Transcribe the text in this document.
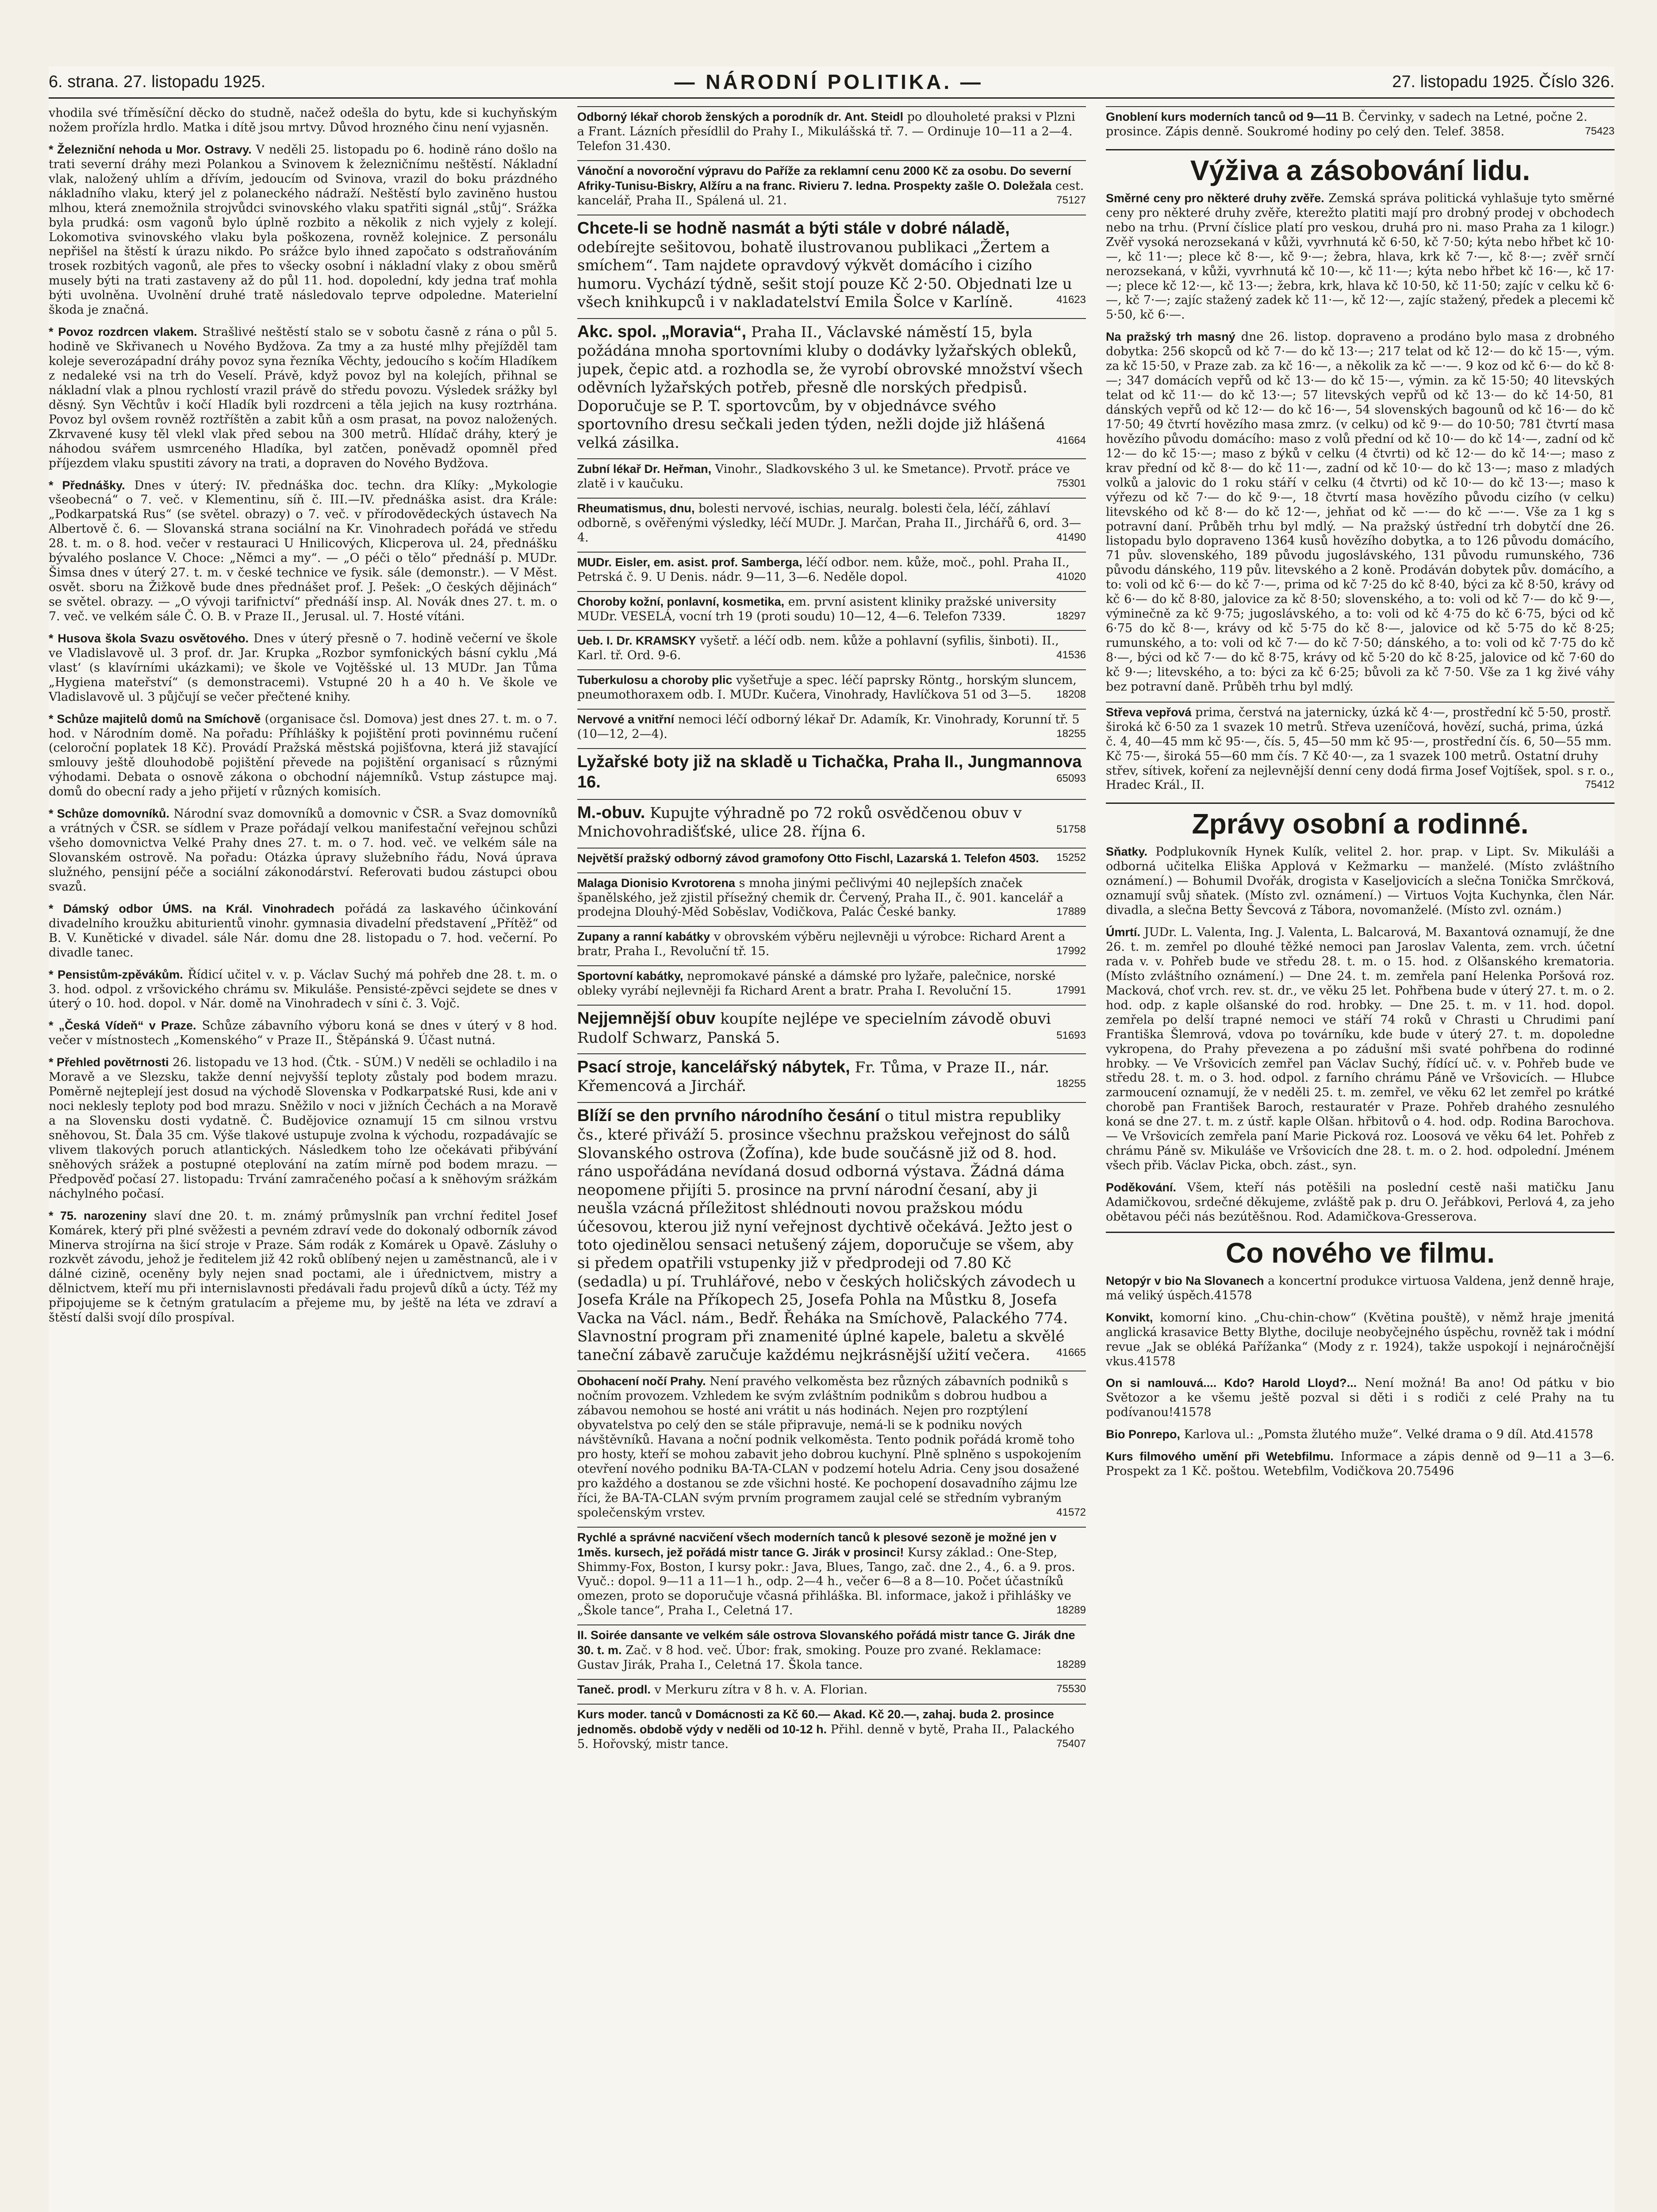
6. strana. 27. listopadu 1925.	— NÁRODNÍ POLITIKA. —	27. listopadu 1925. Číslo 326.
vhodila své tříměsíční děcko do studně, načež odešla do bytu, kde si kuchyňským nožem prořízla hrdlo. Matka i dítě jsou mrtvy. Důvod hrozného činu není vyjasněn.
* Železniční nehoda u Mor. Ostravy. V neděli 25. listopadu po 6. hodině ráno došlo na trati severní dráhy mezi Polankou a Svinovem k železničnímu neštěstí. Nákladní vlak, naložený uhlím a dřívím, jedoucím od Svinova, vrazil do boku prázdného nákladního vlaku, který jel z polaneckého nádraží. Neštěstí bylo zaviněno hustou mlhou, která znemožnila strojvůdci svinovského vlaku spatřiti signál „stůj“. Srážka byla prudká: osm vagonů bylo úplně rozbito a několik z nich vyjely z kolejí. Lokomotiva svinovského vlaku byla poškozena, rovněž kolejnice. Z personálu nepřišel na štěstí k úrazu nikdo. Po srážce bylo ihned započato s odstraňováním trosek rozbitých vagonů, ale přes to všecky osobní i nákladní vlaky z obou směrů musely býti na trati zastaveny až do půl 11. hod. dopolední, kdy jedna trať mohla býti uvolněna. Uvolnění druhé tratě následovalo teprve odpoledne. Materielní škoda je značná.
* Povoz rozdrcen vlakem. Strašlivé neštěstí stalo se v sobotu časně z rána o půl 5. hodině ve Skřivanech u Nového Bydžova. Za tmy a za husté mlhy přejížděl tam koleje severozápadní dráhy povoz syna řezníka Věchty, jedoucího s kočím Hladíkem z nedaleké vsi na trh do Veselí. Právě, když povoz byl na kolejích, přihnal se nákladní vlak a plnou rychlostí vrazil právě do středu povozu. Výsledek srážky byl děsný. Syn Věchtův i kočí Hladík byli rozdrceni a těla jejich na kusy roztrhána. Povoz byl ovšem rovněž roztříštěn a zabit kůň a osm prasat, na povoz naložených. Zkrvavené kusy těl vlekl vlak před sebou na 300 metrů. Hlídač dráhy, který je náhodou svářem usmrceného Hladíka, byl zatčen, poněvadž opomněl před příjezdem vlaku spustiti závory na trati, a dopraven do Nového Bydžova.
* Přednášky. Dnes v úterý: IV. přednáška doc. techn. dra Klíky: „Mykologie všeobecná“ o 7. več. v Klementinu, síň č. III.—IV. přednáška asist. dra Krále: „Podkarpatská Rus“ (se světel. obrazy) o 7. več. v přírodovědeckých ústavech Na Albertově č. 6. — Slovanská strana sociální na Kr. Vinohradech pořádá ve středu 28. t. m. o 8. hod. večer v restauraci U Hnilicových, Klicperova ul. 24, přednášku bývalého poslance V. Choce: „Němci a my“. — „O péči o tělo“ přednáší p. MUDr. Šimsa dnes v úterý 27. t. m. v české technice ve fysik. sále (demonstr.). — V Měst. osvět. sboru na Žižkově bude dnes přednášet prof. J. Pešek: „O českých dějinách“ se světel. obrazy. — „O vývoji tarifnictví“ přednáší insp. Al. Novák dnes 27. t. m. o 7. več. ve velkém sále Č. O. B. v Praze II., Jerusal. ul. 7. Hosté vítáni.
* Husova škola Svazu osvětového. Dnes v úterý přesně o 7. hodině večerní ve škole ve Vladislavově ul. 3 prof. dr. Jar. Krupka „Rozbor symfonických básní cyklu ‚Má vlast‘ (s klavírními ukázkami); ve škole ve Vojtěšské ul. 13 MUDr. Jan Tůma „Hygiena mateřství“ (s demonstracemi). Vstupné 20 h a 40 h. Ve škole ve Vladislavově ul. 3 půjčují se večer přečtené knihy.
* Schůze majitelů domů na Smíchově (organisace čsl. Domova) jest dnes 27. t. m. o 7. hod. v Národním domě. Na pořadu: Příhlášky k pojištění proti povinnému ručení (celoroční poplatek 18 Kč). Provádí Pražská městská pojišťovna, která již stavající smlouvy ještě dlouhodobě pojištění převede na pojištění organisací s různými výhodami. Debata o osnově zákona o obchodní nájemníků. Vstup zástupce maj. domů do obecní rady a jeho přijetí v různých komisích.
* Schůze domovníků. Národní svaz domovníků a domovnic v ČSR. a Svaz domovníků a vrátných v ČSR. se sídlem v Praze pořádají velkou manifestační veřejnou schůzi všeho domovnictva Velké Prahy dnes 27. t. m. o 7. hod. več. ve velkém sále na Slovanském ostrově. Na pořadu: Otázka úpravy služebního řádu, Nová úprava služného, pensijní péče a sociální zákonodárství. Referovati budou zástupci obou svazů.
* Dámský odbor ÚMS. na Král. Vinohradech pořádá za laskavého účinkování divadelního kroužku abiturientů vinohr. gymnasia divadelní představení „Přítěž“ od B. V. Kunětické v divadel. sále Nár. domu dne 28. listopadu o 7. hod. večerní. Po divadle tanec.
* Pensistům-zpěvákům. Řídicí učitel v. v. p. Václav Suchý má pohřeb dne 28. t. m. o 3. hod. odpol. z vršovického chrámu sv. Mikuláše. Pensisté-zpěvci sejdete se dnes v úterý o 10. hod. dopol. v Nár. domě na Vinohradech v síni č. 3. Vojč.
* „Česká Vídeň“ v Praze. Schůze zábavního výboru koná se dnes v úterý v 8 hod. večer v místnostech „Komenského“ v Praze II., Štěpánská 9. Účast nutná.
* Přehled povětrnosti 26. listopadu ve 13 hod. (Čtk. - SÚM.) V neděli se ochladilo i na Moravě a ve Slezsku, takže denní nejvyšší teploty zůstaly pod bodem mrazu. Poměrně nejteplejí jest dosud na východě Slovenska v Podkarpatské Rusi, kde ani v noci neklesly teploty pod bod mrazu. Sněžilo v noci v jižních Čechách a na Moravě a na Slovensku dosti vydatně. Č. Budějovice oznamují 15 cm silnou vrstvu sněhovou, St. Ďala 35 cm. Výše tlakové ustupuje zvolna k východu, rozpadávajíc se vlivem tlakových poruch atlantických. Následkem toho lze očekávati přibývání sněhových srážek a postupné oteplování na zatím mírně pod bodem mrazu. — Předpověď počasí 27. listopadu: Trvání zamračeného počasí a k sněhovým srážkám náchylného počasí.
* 75. narozeniny slaví dne 20. t. m. známý průmyslník pan vrchní ředitel Josef Komárek, který při plné svěžesti a pevném zdraví vede do dokonalý odborník závod Minerva strojírna na šicí stroje v Praze. Sám rodák z Komárek u Opavě. Zásluhy o rozkvět závodu, jehož je ředitelem již 42 roků oblíbený nejen u zaměstnanců, ale i v dálné cizině, oceněny byly nejen snad poctami, ale i úřednictvem, mistry a dělnictvem, kteří mu při internislavnosti předávali řadu projevů díků a úcty. Též my připojujeme se k četným gratulacím a přejeme mu, by ještě na léta ve zdraví a štěstí dalši svojí dílo prospíval.
Odborný lékař chorob ženských a porodník dr. Ant. Steidl po dlouholeté praksi v Plzni a Frant. Lázních přesídlil do Prahy I., Mikulášská tř. 7. — Ordinuje 10—11 a 2—4. Telefon 31.430.
Vánoční a novoroční výpravu do Paříže za reklamní cenu 2000 Kč za osobu. Do severní Afriky-Tunisu-Biskry, Alžíru a na franc. Rivieru 7. ledna. Prospekty zašle O. Doležala cest. kancelář, Praha II., Spálená ul. 21.	75127
Chcete-li se hodně nasmát a býti stále v dobré náladě, odebírejte sešitovou, bohatě ilustrovanou publikaci „Žertem a smíchem“. Tam najdete opravdový výkvět domácího i cizího humoru. Vychází týdně, sešit stojí pouze Kč 2·50. Objednati lze u všech knihkupců i v nakladatelství Emila Šolce v Karlíně.	41623
Akc. spol. „Moravia“, Praha II., Václavské náměstí 15, byla požádána mnoha sportovními kluby o dodávky lyžařských obleků, jupek, čepic atd. a rozhodla se, že vyrobí obrovské množství všech oděvních lyžařských potřeb, přesně dle norských předpisů. Doporučuje se P. T. sportovcům, by v objednávce svého sportovního dresu sečkali jeden týden, nežli dojde již hlášená velká zásilka.	41664
Zubní lékař Dr. Heřman, Vinohr., Sladkovského 3 ul. ke Smetance). Prvotř. práce ve zlatě i v kaučuku.	75301
Rheumatismus, dnu, bolesti nervové, ischias, neuralg. bolesti čela, léčí, záhlaví odborně, s ověřenými výsledky, léčí MUDr. J. Marčan, Praha II., Jirchářů 6, ord. 3—4.	41490
MUDr. Eisler, em. asist. prof. Samberga, léčí odbor. nem. kůže, moč., pohl. Praha II., Petrská č. 9. U Denis. nádr. 9—11, 3—6. Neděle dopol.	41020
Choroby kožní, ponlavní, kosmetika, em. první asistent kliniky pražské university MUDr. VESELÁ, vocní trh 19 (proti soudu) 10—12, 4—6. Telefon 7339.	18297
Ueb. I. Dr. KRAMSKY vyšetř. a léčí odb. nem. kůže a pohlavní (syfilis, šinboti). II., Karl. tř. Ord. 9-6.	41536
Tuberkulosu a choroby plic vyšetřuje a spec. léčí paprsky Röntg., horským sluncem, pneumothoraxem odb. I. MUDr. Kučera, Vinohrady, Havlíčkova 51 od 3—5. 18208
Nervové a vnitřní nemoci léčí odborný lékař Dr. Adamík, Kr. Vinohrady, Korunní tř. 5 (10—12, 2—4).	18255
Lyžařské boty již na skladě u Tichačka, Praha II., Jungmannova 16.	65093
M.-obuv. Kupujte výhradně po 72 roků osvědčenou obuv v Mnichovohradišťské, ulice 28. října 6.	51758
Největší pražský odborný závod gramofony Otto Fischl, Lazarská 1. Telefon 4503. 15252
Malaga Dionisio Kvrotorena s mnoha jinými pečlivými 40 nejlepších značek španělského, jež zjistil přísežný chemik dr. Červený, Praha II., č. 901. kancelář a prodejna Dlouhý-Měd Soběslav, Vodičkova, Palác České banky.	17889
Zupany a ranní kabátky v obrovském výběru nejlevněji u výrobce: Richard Arent a bratr, Praha I., Revoluční tř. 15.	17992
Sportovní kabátky, nepromokavé pánské a dámské pro lyžaře, palečnice, norské obleky vyrábí nejlevněji fa Richard Arent a bratr. Praha I. Revoluční 15.	17991
Nejjemnější obuv koupíte nejlépe ve specielním závodě obuvi Rudolf Schwarz, Panská 5.	51693
Psací stroje, kancelářský nábytek, Fr. Tůma, v Praze II., nár. Křemencová a Jirchář.	18255
Blíží se den prvního národního česání o titul mistra republiky čs., které přiváží 5. prosince všechnu pražskou veřejnost do sálů Slovanského ostrova (Žofína), kde bude součásně již od 8. hod. ráno uspořádána nevídaná dosud odborná výstava. Žádná dáma neopomene přijíti 5. prosince na první národní česaní, aby ji neušla vzácná příležitost shlédnouti novou pražskou módu účesovou, kterou již nyní veřejnost dychtivě očekává. Ježto jest o toto ojedinělou sensaci netušený zájem, doporučuje se všem, aby si předem opatřili vstupenky již v předprodeji od 7.80 Kč (sedadla) u pí. Truhlářové, nebo v českých holičských závodech u Josefa Krále na Příkopech 25, Josefa Pohla na Můstku 8, Josefa Vacka na Václ. nám., Bedř. Řeháka na Smíchově, Palackého 774. Slavnostní program při znamenité úplné kapele, baletu a skvělé taneční zábavě zaručuje každému nejkrásnější užití večera. 41665
Obohacení nočí Prahy. Není pravého velkoměsta bez různých zábavních podniků s nočním provozem. Vzhledem ke svým zvláštním podnikům s dobrou hudbou a zábavou nemohou se hosté ani vrátit u nás hodinách. Nejen pro rozptýlení obyvatelstva po celý den se stále připravuje, nemá-li se k podniku nových návštěvníků. Havana a noční podnik velkoměsta. Tento podnik pořádá kromě toho pro hosty, kteří se mohou zabavit jeho dobrou kuchyní. Plně splněno s uspokojením otevření nového podniku BA-TA-CLAN v podzemí hotelu Adria. Ceny jsou dosažené pro každého a dostanou se zde všichni hosté. Ke pochopení dosavadního zájmu lze říci, že BA-TA-CLAN svým prvním programem zaujal celé se středním vybraným společenským vrstev.	41572
Rychlé a správné nacvičení všech moderních tanců k plesové sezoně je možné jen v 1měs. kursech, jež pořádá mistr tance G. Jirák v prosinci! Kursy základ.: One-Step, Shimmy-Fox, Boston, I kursy pokr.: Java, Blues, Tango, zač. dne 2., 4., 6. a 9. pros. Vyuč.: dopol. 9—11 a 11—1 h., odp. 2—4 h., večer 6—8 a 8—10. Počet účastníků omezen, proto se doporučuje včasná přihláška. Bl. informace, jakož i přihlášky ve „Škole tance“, Praha I., Celetná 17.	18289
II. Soirée dansante ve velkém sále ostrova Slovanského pořádá mistr tance G. Jirák dne 30. t. m. Zač. v 8 hod. več. Úbor: frak, smoking. Pouze pro zvané. Reklamace: Gustav Jirák, Praha I., Celetná 17. Škola tance.	18289
Taneč. prodl. v Merkuru zítra v 8 h. v. A. Florian.	75530
Kurs moder. tanců v Domácnosti za Kč 60.— Akad. Kč 20.—, zahaj. buda 2. prosince jednoměs. obdobě výdy v neděli od 10-12 h. Přihl. denně v bytě, Praha II., Palackého 5. Hořovský, mistr tance.	75407
Gnoblení kurs moderních tanců od 9—11 B. Červinky, v sadech na Letné, počne 2. prosince. Zápis denně. Soukromé hodiny po celý den. Telef. 3858.	75423
Výživa a zásobování lidu.
Směrné ceny pro některé druhy zvěře. Zemská správa politická vyhlašuje tyto směrné ceny pro některé druhy zvěře, kterežto platiti mají pro drobný prodej v obchodech nebo na trhu. (První číslice platí pro veskou, druhá pro ni. maso Praha za 1 kilogr.) Zvěř vysoká nerozsekaná v kůži, vyvrhnutá kč 6·50, kč 7·50; kýta nebo hřbet kč 10·—, kč 11·—; plece kč 8·—, kč 9·—; žebra, hlava, krk kč 7·—, kč 8·—; zvěř srnčí nerozsekaná, v kůži, vyvrhnutá kč 10·—, kč 11·—; kýta nebo hřbet kč 16·—, kč 17·—; plece kč 12·—, kč 13·—; žebra, krk, hlava kč 10·50, kč 11·50; zajíc v celku kč 6·—, kč 7·—; zajíc stažený zadek kč 11·—, kč 12·—, zajíc stažený, předek a plecemi kč 5·50, kč 6·—.
Na pražský trh masný dne 26. listop. dopraveno a prodáno bylo masa z drobného dobytka: 256 skopců od kč 7·— do kč 13·—; 217 telat od kč 12·— do kč 15·—, vým. za kč 15·50, v Praze zab. za kč 16·—, a několik za kč —·—. 9 koz od kč 6·— do kč 8·—; 347 domácích vepřů od kč 13·— do kč 15·—, výmin. za kč 15·50; 40 litevských telat od kč 11·— do kč 13·—; 57 litevských vepřů od kč 13·— do kč 14·50, 81 dánských vepřů od kč 12·— do kč 16·—, 54 slovenských bagounů od kč 16·— do kč 17·50; 49 čtvrtí hovězího masa zmrz. (v celku) od kč 9·— do 10·50; 781 čtvrtí masa hovězího původu domácího: maso z volů přední od kč 10·— do kč 14·—, zadní od kč 12·— do kč 15·—; maso z býků v celku (4 čtvrti) od kč 12·— do kč 14·—; maso z krav přední od kč 8·— do kč 11·—, zadní od kč 10·— do kč 13·—; maso z mladých volků a jalovic do 1 roku stáří v celku (4 čtvrti) od kč 10·— do kč 13·—; maso k výřezu od kč 7·— do kč 9·—, 18 čtvrtí masa hovězího původu cizího (v celku) litevského od kč 8·— do kč 12·—, jehňat od kč —·— do kč —·—. Vše za 1 kg s potravní daní. Průběh trhu byl mdlý. — Na pražský ústřední trh dobytčí dne 26. listopadu bylo dopraveno 1364 kusů hovězího dobytka, a to 126 původu domácího, 71 pův. slovenského, 189 původu jugoslávského, 131 původu rumunského, 736 původu dánského, 119 pův. litevského a 2 koně. Prodáván dobytek pův. domácího, a to: voli od kč 6·— do kč 7·—, prima od kč 7·25 do kč 8·40, býci za kč 8·50, krávy od kč 6·— do kč 8·80, jalovice za kč 8·50; slovenského, a to: voli od kč 7·— do kč 9·—, výminečně za kč 9·75; jugoslávského, a to: voli od kč 4·75 do kč 6·75, býci od kč 6·75 do kč 8·—, krávy od kč 5·75 do kč 8·—, jalovice od kč 5·75 do kč 8·25; rumunského, a to: voli od kč 7·— do kč 7·50; dánského, a to: voli od kč 7·75 do kč 8·—, býci od kč 7·— do kč 8·75, krávy od kč 5·20 do kč 8·25, jalovice od kč 7·60 do kč 9·—; litevského, a to: býci za kč 6·25; bůvoli za kč 7·50. Vše za 1 kg živé váhy bez potravní daně. Průběh trhu byl mdlý.
Střeva vepřová prima, čerstvá na jaternicky, úzká kč 4·—, prostřední kč 5·50, prostř. široká kč 6·50 za 1 svazek 10 metrů. Střeva uzeníčová, hovězí, suchá, prima, úzká č. 4, 40—45 mm kč 95·—, čís. 5, 45—50 mm kč 95·—, prostřední čís. 6, 50—55 mm. Kč 75·—, široká 55—60 mm čís. 7 Kč 40·—, za 1 svazek 100 metrů. Ostatní druhy střev, sítivek, koření za nejlevnější denní ceny dodá firma Josef Vojtíšek, spol. s r. o., Hradec Král., II.	75412
Zprávy osobní a rodinné.
Sňatky. Podplukovník Hynek Kulík, velitel 2. hor. prap. v Lipt. Sv. Mikuláši a odborná učitelka Eliška Applová v Kežmarku — manželé. (Místo zvláštního oznámení.) — Bohumil Dvořák, drogista v Kaseljovicích a slečna Tonička Smrčková, oznamují svůj sňatek. (Místo zvl. oznámení.) — Virtuos Vojta Kuchynka, člen Nár. divadla, a slečna Betty Ševcová z Tábora, novomanželé. (Místo zvl. oznám.)
Úmrtí. JUDr. L. Valenta, Ing. J. Valenta, L. Balcarová, M. Baxantová oznamují, že dne 26. t. m. zemřel po dlouhé těžké nemoci pan Jaroslav Valenta, zem. vrch. účetní rada v. v. Pohřeb bude ve středu 28. t. m. o 15. hod. z Olšanského krematoria. (Místo zvláštního oznámení.) — Dne 24. t. m. zemřela paní Helenka Poršová roz. Macková, choť vrch. rev. st. dr., ve věku 25 let. Pohřbena bude v úterý 27. t. m. o 2. hod. odp. z kaple olšanské do rod. hrobky. — Dne 25. t. m. v 11. hod. dopol. zemřela po delší trapné nemoci ve stáří 74 roků v Chrasti u Chrudimi paní Františka Šlemrová, vdova po továrníku, kde bude v úterý 27. t. m. dopoledne vykropena, do Prahy převezena a po zádušní mši svaté pohřbena do rodinné hrobky. — Ve Vršovicích zemřel pan Václav Suchý, řídící uč. v. v. Pohřeb bude ve středu 28. t. m. o 3. hod. odpol. z farního chrámu Páně ve Vršovicích. — Hlubce zarmoucení oznamují, že v neděli 25. t. m. zemřel, ve věku 62 let zemřel po krátké chorobě pan František Baroch, restauratér v Praze. Pohřeb drahého zesnulého koná se dne 27. t. m. z ústř. kaple Olšan. hřbitovů o 4. hod. odp. Rodina Barochova. — Ve Vršovicích zemřela paní Marie Picková roz. Loosová ve věku 64 let. Pohřeb z chrámu Páně sv. Mikuláše ve Vršovicích dne 28. t. m. o 2. hod. odpolední. Jménem všech přib. Václav Picka, obch. zást., syn.
Poděkování. Všem, kteří nás potěšili na poslední cestě naši matičku Janu Adamičkovou, srdečné děkujeme, zvláště pak p. dru O. Jeřábkovi, Perlová 4, za jeho obětavou péči nás bezútěšnou. Rod. Adamičkova-Gresserova.
Co nového ve filmu.
Netopýr v bio Na Slovanech a koncertní produkce virtuosa Valdena, jenž denně hraje, má veliký úspěch.41578
Konvikt, komorní kino. „Chu-chin-chow“ (Květina pouště), v němž hraje jmenitá anglická krasavice Betty Blythe, dociluje neobyčejného úspěchu, rovněž tak i módní revue „Jak se obléká Pařížanka“ (Mody z r. 1924), takže uspokojí i nejnáročnější vkus.41578
On si namlouvá.... Kdo? Harold Lloyd?... Není možná! Ba ano! Od pátku v bio Světozor a ke všemu ještě pozval si děti i s rodiči z celé Prahy na tu podívanou!41578
Bio Ponrepo, Karlova ul.: „Pomsta žlutého muže“. Velké drama o 9 díl. Atd.41578
Kurs filmového umění při Wetebfilmu. Informace a zápis denně od 9—11 a 3—6. Prospekt za 1 Kč. poštou. Wetebfilm, Vodičkova 20.75496
